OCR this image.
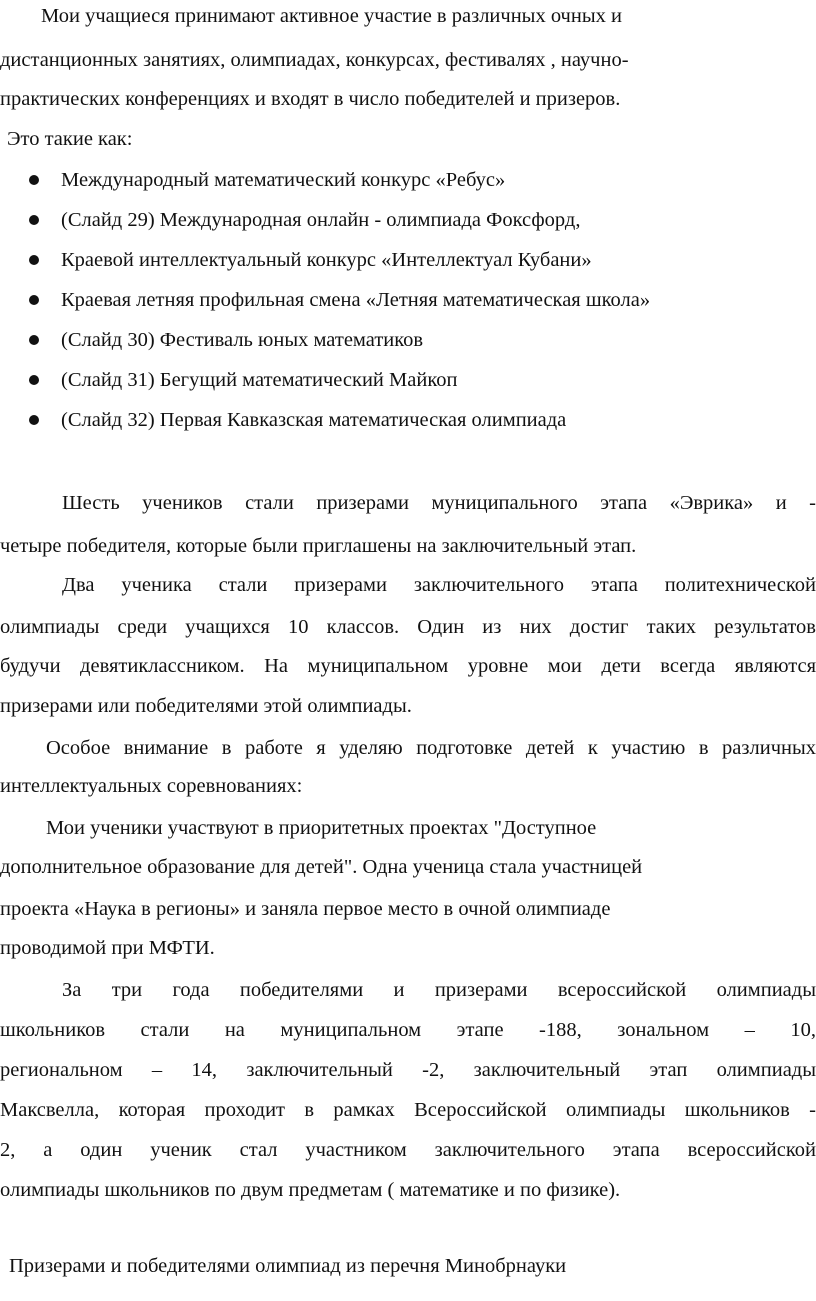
Мои учащиеся принимают активное участие в различных очных и
дистанционных занятиях, олимпиадах, конкурсах, фестивалях , научно-
практических конференциях и входят в число победителей и призеров.
Это такие как:
Международный математический конкурс «Ребус»
(Слайд 29) Международная онлайн - олимпиада Фоксфорд,
Краевой интеллектуальный конкурс «Интеллектуал Кубани»
Краевая летняя профильная смена «Летняя математическая школа»
(Слайд 30) Фестиваль юных математиков
(Слайд 31) Бегущий математический Майкоп
(Слайд 32) Первая Кавказская математическая олимпиада
Шесть учеников стали призерами муниципального этапа «Эврика» и -
четыре победителя, которые были приглашены на заключительный этап.
Два ученика стали призерами заключительного этапа политехнической
олимпиады среди учащихся 10 классов. Один из них достиг таких результатов
будучи девятиклассником. На муниципальном уровне мои дети всегда являются
призерами или победителями этой олимпиады.
Особое внимание в работе я уделяю подготовке детей к участию в различных
интеллектуальных соревнованиях:
Мои ученики участвуют в приоритетных проектах "Доступное
дополнительное образование для детей". Одна ученица стала участницей
проекта «Наука в регионы» и заняла первое место в очной олимпиаде
проводимой при МФТИ.
За три года победителями и призерами всероссийской олимпиады
школьников стали на муниципальном этапе -188, зональном – 10,
региональном – 14, заключительный -2, заключительный этап олимпиады
Максвелла, которая проходит в рамках Всероссийской олимпиады школьников -
2, а один ученик стал участником заключительного этапа всероссийской
олимпиады школьников по двум предметам ( математике и по физике).
Призерами и победителями олимпиад из перечня Минобрнауки
